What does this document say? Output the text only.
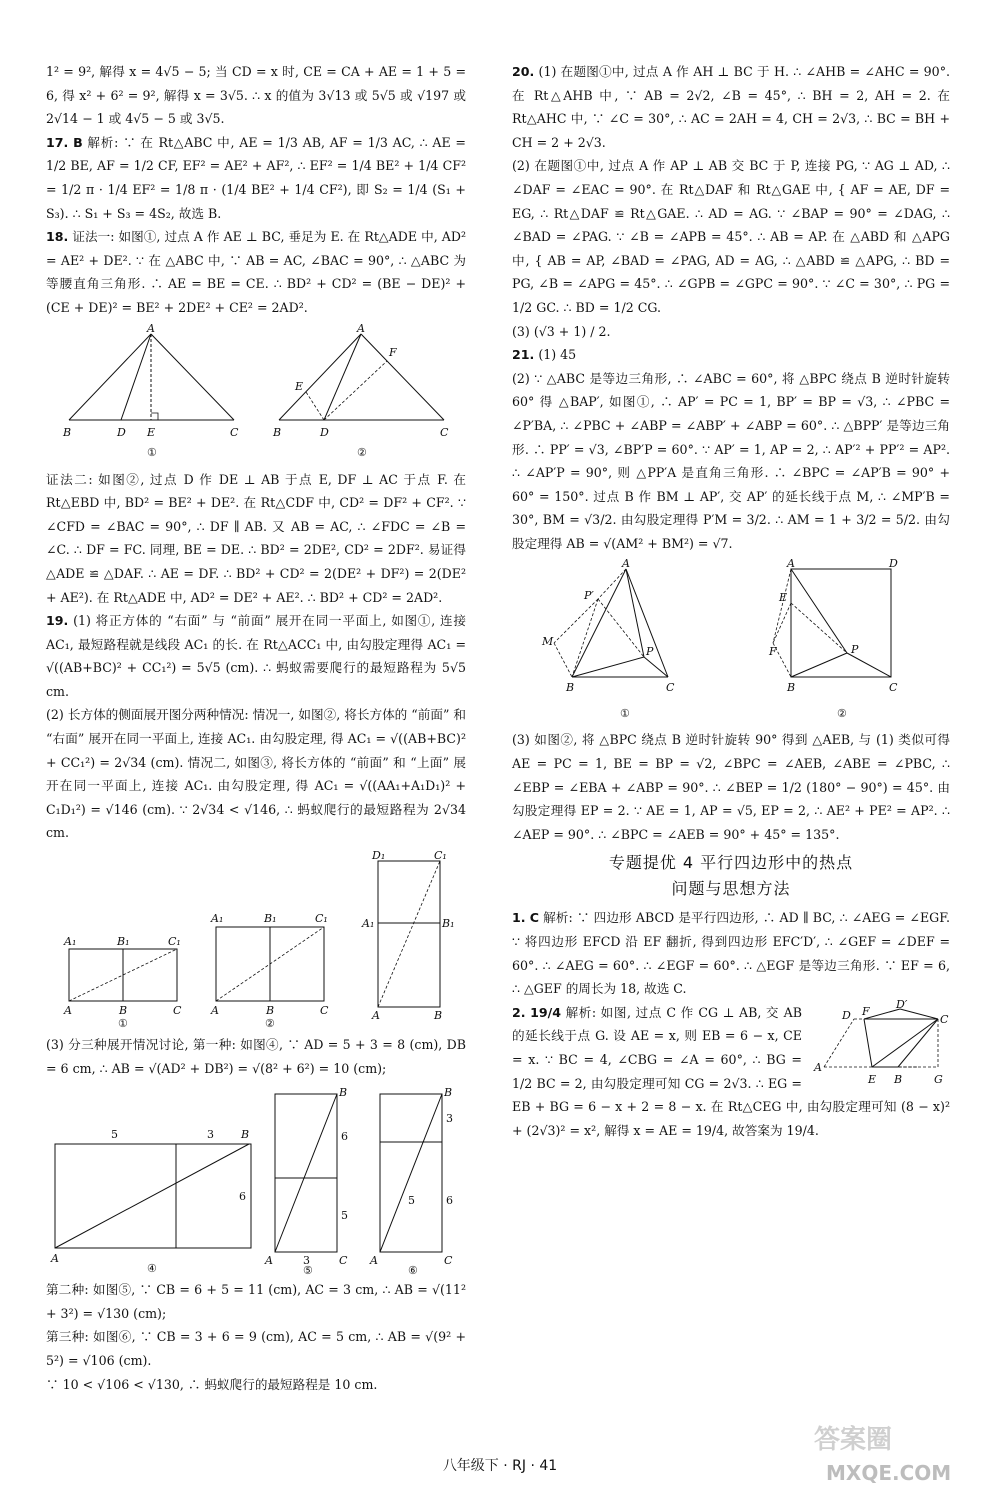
1² = 9², 解得 x = 4√5 − 5; 当 CD = x 时, CE = CA + AE = 1 + 5 = 6, 得 x² + 6² = 9², 解得 x = 3√5. ∴ x 的值为 3√13 或 5√5 或 √197 或 2√14 − 1 或 4√5 − 5 或 3√5.

17. B 解析: ∵ 在 Rt△ABC 中, AE = 1/3 AB, AF = 1/3 AC, ∴ AE = 1/2 BE, AF = 1/2 CF, EF² = AE² + AF², ∴ EF² = 1/4 BE² + 1/4 CF² = 1/2 π · 1/4 EF² = 1/8 π · (1/4 BE² + 1/4 CF²), 即 S₂ = 1/4 (S₁ + S₃). ∴ S₁ + S₃ = 4S₂, 故选 B.

18. 证法一: 如图①, 过点 A 作 AE ⊥ BC, 垂足为 E. 在 Rt△ADE 中, AD² = AE² + DE². ∵ 在 △ABC 中, ∵ AB = AC, ∠BAC = 90°, ∴ △ABC 为等腰直角三角形. ∴ AE = BE = CE. ∴ BD² + CD² = (BE − DE)² + (CE + DE)² = BE² + 2DE² + CE² = 2AD².

A
B	D E	C
①
A
E
F
B	D	C
②

证法二: 如图②, 过点 D 作 DE ⊥ AB 于点 E, DF ⊥ AC 于点 F. 在 Rt△EBD 中, BD² = BE² + DE². 在 Rt△CDF 中, CD² = DF² + CF². ∵ ∠CFD = ∠BAC = 90°, ∴ DF ∥ AB. 又 AB = AC, ∴ ∠FDC = ∠B = ∠C. ∴ DF = FC. 同理, BE = DE. ∴ BD² = 2DE², CD² = 2DF². 易证得 △ADE ≌ △DAF. ∴ AE = DF. ∴ BD² + CD² = 2(DE² + DF²) = 2(DE² + AE²). 在 Rt△ADE 中, AD² = DE² + AE². ∴ BD² + CD² = 2AD².

19. (1) 将正方体的 “右面” 与 “前面” 展开在同一平面上, 如图①, 连接 AC₁, 最短路程就是线段 AC₁ 的长. 在 Rt△ACC₁ 中, 由勾股定理得 AC₁ = √((AB+BC)² + CC₁²) = 5√5 (cm). ∴ 蚂蚁需要爬行的最短路程为 5√5 cm.

(2) 长方体的侧面展开图分两种情况: 情况一, 如图②, 将长方体的 “前面” 和 “右面” 展开在同一平面上, 连接 AC₁. 由勾股定理, 得 AC₁ = √((AB+BC)² + CC₁²) = 2√34 (cm). 情况二, 如图③, 将长方体的 “前面” 和 “上面” 展开在同一平面上, 连接 AC₁. 由勾股定理, 得 AC₁ = √((AA₁+A₁D₁)² + C₁D₁²) = √146 (cm). ∵ 2√34 < √146, ∴ 蚂蚁爬行的最短路程为 2√34 cm.

A₁	B₁	C₁
A	B	C
①
A₁	B₁	C₁
A	B	C
②
D₁	C₁
A₁	B₁
A	B

(3) 分三种展开情况讨论, 第一种: 如图④, ∵ AD = 5 + 3 = 8 (cm), DB = 6 cm, ∴ AB = √(AD² + DB²) = √(8² + 6²) = 10 (cm);

5	3 B
6
A
④
B
6
5
A	3	C
⑤
B
3
5
A
6
C
⑥

第二种: 如图⑤, ∵ CB = 6 + 5 = 11 (cm), AC = 3 cm, ∴ AB = √(11² + 3²) = √130 (cm);

第三种: 如图⑥, ∵ CB = 3 + 6 = 9 (cm), AC = 5 cm, ∴ AB = √(9² + 5²) = √106 (cm).

∵ 10 < √106 < √130, ∴ 蚂蚁爬行的最短路程是 10 cm.

20. (1) 在题图①中, 过点 A 作 AH ⊥ BC 于 H. ∴ ∠AHB = ∠AHC = 90°. 在 Rt△AHB 中, ∵ AB = 2√2, ∠B = 45°, ∴ BH = 2, AH = 2. 在 Rt△AHC 中, ∵ ∠C = 30°, ∴ AC = 2AH = 4, CH = 2√3, ∴ BC = BH + CH = 2 + 2√3.

(2) 在题图①中, 过点 A 作 AP ⊥ AB 交 BC 于 P, 连接 PG, ∵ AG ⊥ AD, ∴ ∠DAF = ∠EAC = 90°. 在 Rt△DAF 和 Rt△GAE 中, { AF = AE, DF = EG, ∴ Rt△DAF ≌ Rt△GAE. ∴ AD = AG. ∵ ∠BAP = 90° = ∠DAG, ∴ ∠BAD = ∠PAG. ∵ ∠B = ∠APB = 45°. ∴ AB = AP. 在 △ABD 和 △APG 中, { AB = AP, ∠BAD = ∠PAG, AD = AG, ∴ △ABD ≌ △APG, ∴ BD = PG, ∠B = ∠APG = 45°. ∴ ∠GPB = ∠GPC = 90°. ∵ ∠C = 30°, ∴ PG = 1/2 GC. ∴ BD = 1/2 CG.

(3) (√3 + 1) / 2.

21. (1) 45

(2) ∵ △ABC 是等边三角形, ∴ ∠ABC = 60°, 将 △BPC 绕点 B 逆时针旋转 60° 得 △BAP′, 如图①, ∴ AP′ = PC = 1, BP′ = BP = √3, ∴ ∠PBC = ∠P′BA, ∴ ∠PBC + ∠ABP = ∠ABP′ + ∠ABP = 60°. ∴ △BPP′ 是等边三角形. ∴ PP′ = √3, ∠BP′P = 60°. ∵ AP′ = 1, AP = 2, ∴ AP′² + PP′² = AP². ∴ ∠AP′P = 90°, 则 △PP′A 是直角三角形. ∴ ∠BPC = ∠AP′B = 90° + 60° = 150°. 过点 B 作 BM ⊥ AP′, 交 AP′ 的延长线于点 M, ∴ ∠MP′B = 30°, BM = √3/2. 由勾股定理得 P′M = 3/2. ∴ AM = 1 + 3/2 = 5/2. 由勾股定理得 AB = √(AM² + BM²) = √7.

A
P′
M
P
B	C
①
A	D
E
F	P
B	C
②

(3) 如图②, 将 △BPC 绕点 B 逆时针旋转 90° 得到 △AEB, 与 (1) 类似可得 AE = PC = 1, BE = BP = √2, ∠BPC = ∠AEB, ∠ABE = ∠PBC, ∴ ∠EBP = ∠EBA + ∠ABP = 90°. ∴ ∠BEP = 1/2 (180° − 90°) = 45°. 由勾股定理得 EP = 2. ∵ AE = 1, AP = √5, EP = 2, ∴ AE² + PE² = AP². ∴ ∠AEP = 90°. ∴ ∠BPC = ∠AEB = 90° + 45° = 135°.

专题提优 4 平行四边形中的热点
问题与思想方法

1. C 解析: ∵ 四边形 ABCD 是平行四边形, ∴ AD ∥ BC, ∴ ∠AEG = ∠EGF. ∵ 将四边形 EFCD 沿 EF 翻折, 得到四边形 EFC′D′, ∴ ∠GEF = ∠DEF = 60°. ∴ ∠AEG = 60°. ∴ ∠EGF = 60°. ∴ △EGF 是等边三角形. ∵ EF = 6, ∴ △GEF 的周长为 18, 故选 C.

D′
D F
C
A
E B	G

2. 19/4 解析: 如图, 过点 C 作 CG ⊥ AB, 交 AB 的延长线于点 G. 设 AE = x, 则 EB = 6 − x, CE = x. ∵ BC = 4, ∠CBG = ∠A = 60°, ∴ BG = 1/2 BC = 2, 由勾股定理可知 CG = 2√3. ∴ EG = EB + BG = 6 − x + 2 = 8 − x. 在 Rt△CEG 中, 由勾股定理可知 (8 − x)² + (2√3)² = x², 解得 x = AE = 19/4, 故答案为 19/4.

八年级下 · RJ · 41
答案圈
MXQE.COM
